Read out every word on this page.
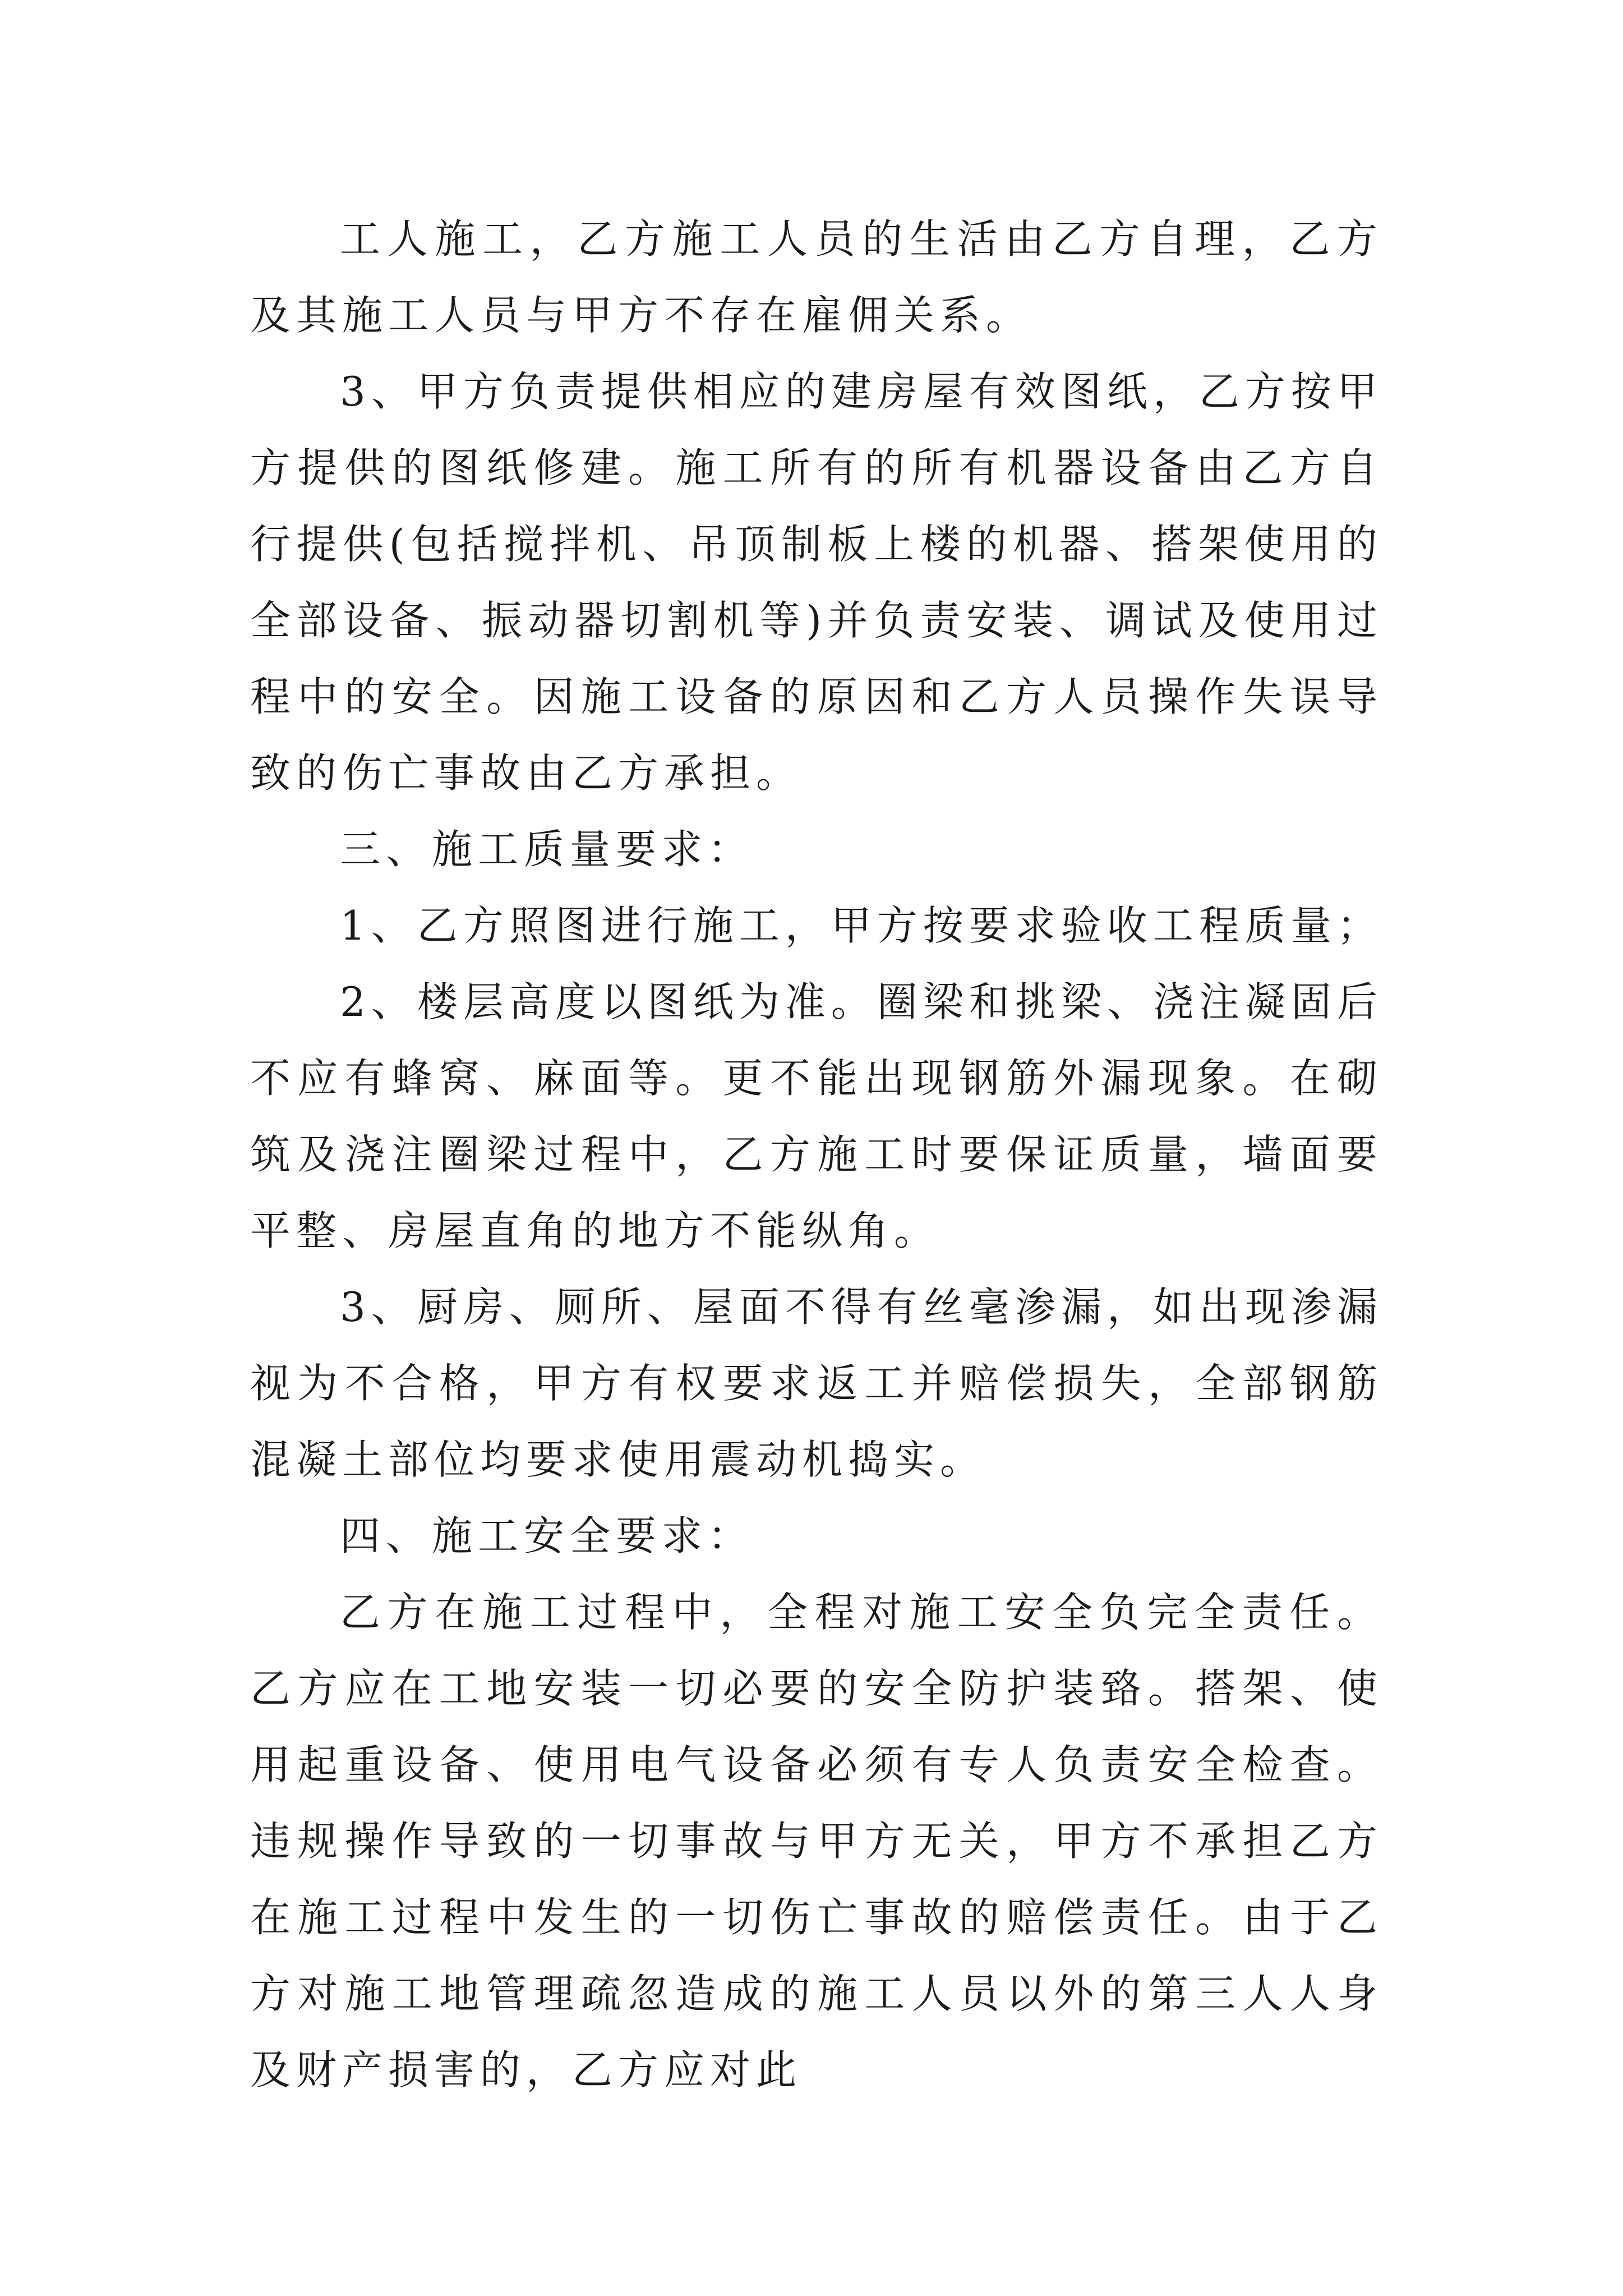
工人施工，乙方施工人员的生活由乙方自理，乙方及其施工人员与甲方不存在雇佣关系。

3、甲方负责提供相应的建房屋有效图纸，乙方按甲方提供的图纸修建。施工所有的所有机器设备由乙方自行提供(包括搅拌机、吊顶制板上楼的机器、搭架使用的全部设备、振动器切割机等)并负责安装、调试及使用过程中的安全。因施工设备的原因和乙方人员操作失误导致的伤亡事故由乙方承担。

三、施工质量要求：

1、乙方照图进行施工，甲方按要求验收工程质量；

2、楼层高度以图纸为准。圈梁和挑梁、浇注凝固后不应有蜂窝、麻面等。更不能出现钢筋外漏现象。在砌筑及浇注圈梁过程中，乙方施工时要保证质量，墙面要平整、房屋直角的地方不能纵角。

3、厨房、厕所、屋面不得有丝毫渗漏，如出现渗漏视为不合格，甲方有权要求返工并赔偿损失，全部钢筋混凝土部位均要求使用震动机捣实。

四、施工安全要求：

乙方在施工过程中，全程对施工安全负完全责任。乙方应在工地安装一切必要的安全防护装臵。搭架、使用起重设备、使用电气设备必须有专人负责安全检查。违规操作导致的一切事故与甲方无关，甲方不承担乙方在施工过程中发生的一切伤亡事故的赔偿责任。由于乙方对施工地管理疏忽造成的施工人员以外的第三人人身及财产损害的，乙方应对此
